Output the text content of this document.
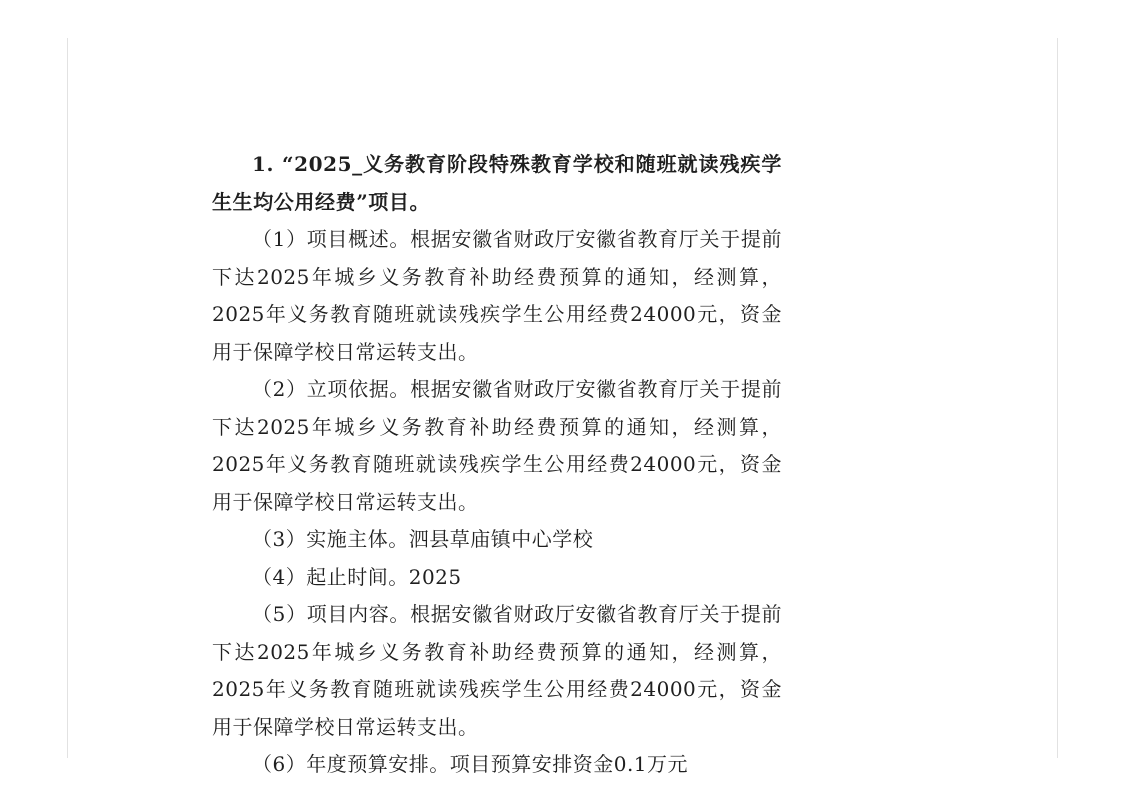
1. “2025_义务教育阶段特殊教育学校和随班就读残疾学生生均公用经费”项目。

（1）项目概述。根据安徽省财政厅安徽省教育厅关于提前下达2025年城乡义务教育补助经费预算的通知，经测算，2025年义务教育随班就读残疾学生公用经费24000元，资金用于保障学校日常运转支出。

（2）立项依据。根据安徽省财政厅安徽省教育厅关于提前下达2025年城乡义务教育补助经费预算的通知，经测算，2025年义务教育随班就读残疾学生公用经费24000元，资金用于保障学校日常运转支出。

（3）实施主体。泗县草庙镇中心学校

（4）起止时间。2025

（5）项目内容。根据安徽省财政厅安徽省教育厅关于提前下达2025年城乡义务教育补助经费预算的通知，经测算，2025年义务教育随班就读残疾学生公用经费24000元，资金用于保障学校日常运转支出。

（6）年度预算安排。项目预算安排资金0.1万元
